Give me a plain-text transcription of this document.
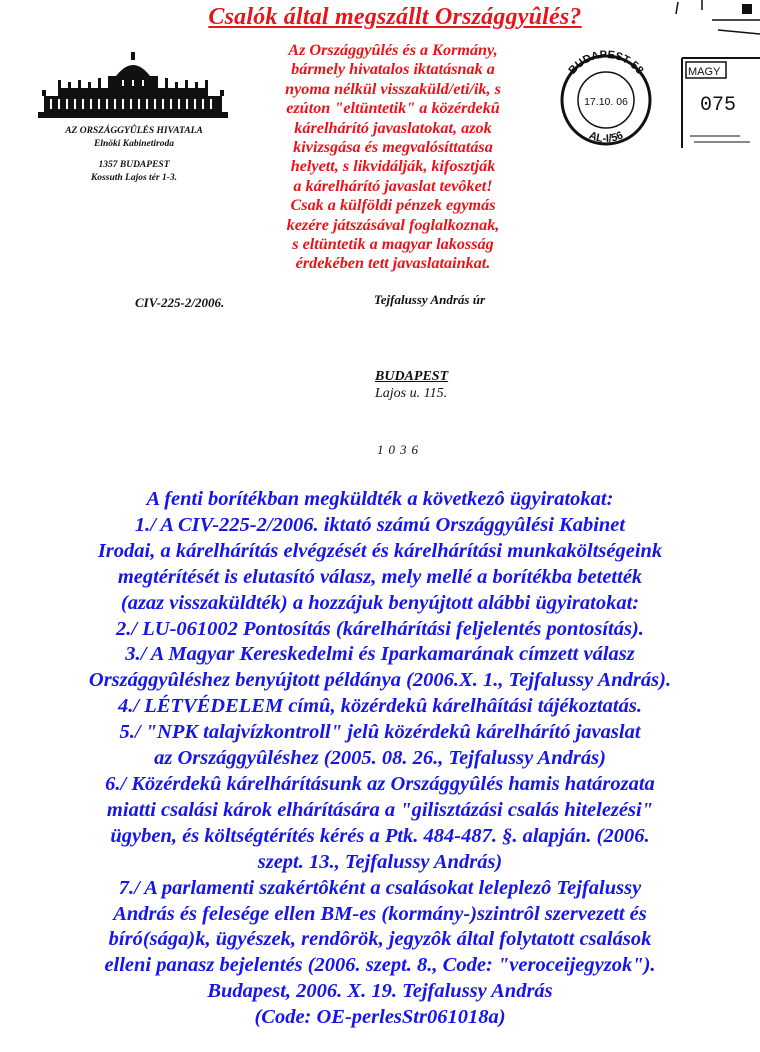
Csalók által megszállt Országgyûlés?
AZ ORSZÁGGYÛLÉS HIVATALA
Elnöki Kabinetiroda
1357 BUDAPEST
Kossuth Lajos tér 1-3.
Az Országgyûlés és a Kormány,
bármely hivatalos iktatásnak a
nyoma nélkül visszaküld/eti/ik, s
ezúton "eltüntetik" a közérdekû
kárelhárító javaslatokat, azok
kivizsgása és megvalósíttatása
helyett, s likvidálják, kifosztják
a kárelhárító javaslat tevôket!
Csak a külföldi pénzek egymás
kezére játszásával foglalkoznak,
s eltüntetik a magyar lakosság
érdekében tett javaslatainkat.
BUDAPEST 58
17.10. 06
AL-I/56
MAGY
075
CIV-225-2/2006.	Tejfalussy András úr
BUDAPEST
Lajos u. 115.
1036
A fenti borítékban megküldték a következô ügyiratokat:
1./ A CIV-225-2/2006. iktató számú Országgyûlési Kabinet
Irodai, a kárelhárítás elvégzését és kárelhárítási munkaköltségeink
megtérítését is elutasító válasz, mely mellé a borítékba betették
(azaz visszaküldték) a hozzájuk benyújtott alábbi ügyiratokat:
2./ LU-061002 Pontosítás (kárelhárítási feljelentés pontosítás).
3./ A Magyar Kereskedelmi és Iparkamarának címzett válasz
Országgyûléshez benyújtott példánya (2006.X. 1., Tejfalussy András).
4./ LÉTVÉDELEM címû, közérdekû kárelhâítási tájékoztatás.
5./ "NPK talajvízkontroll" jelû közérdekû kárelhárító javaslat
az Országgyûléshez (2005. 08. 26., Tejfalussy András)
6./ Közérdekû kárelhárításunk az Országgyûlés hamis határozata
miatti csalási károk elhárítására a "gilisztázási csalás hitelezési"
ügyben, és költségtérítés kérés a Ptk. 484-487. §. alapján. (2006.
szept. 13., Tejfalussy András)
7./ A parlamenti szakértôként a csalásokat leleplezô Tejfalussy
András és felesége ellen BM-es (kormány-)szintrôl szervezett és
bíró(sága)k, ügyészek, rendôrök, jegyzôk által folytatott csalások
elleni panasz bejelentés (2006. szept. 8., Code: "veroceijegyzok").
Budapest, 2006. X. 19. Tejfalussy András
(Code: OE-perlesStr061018a)
